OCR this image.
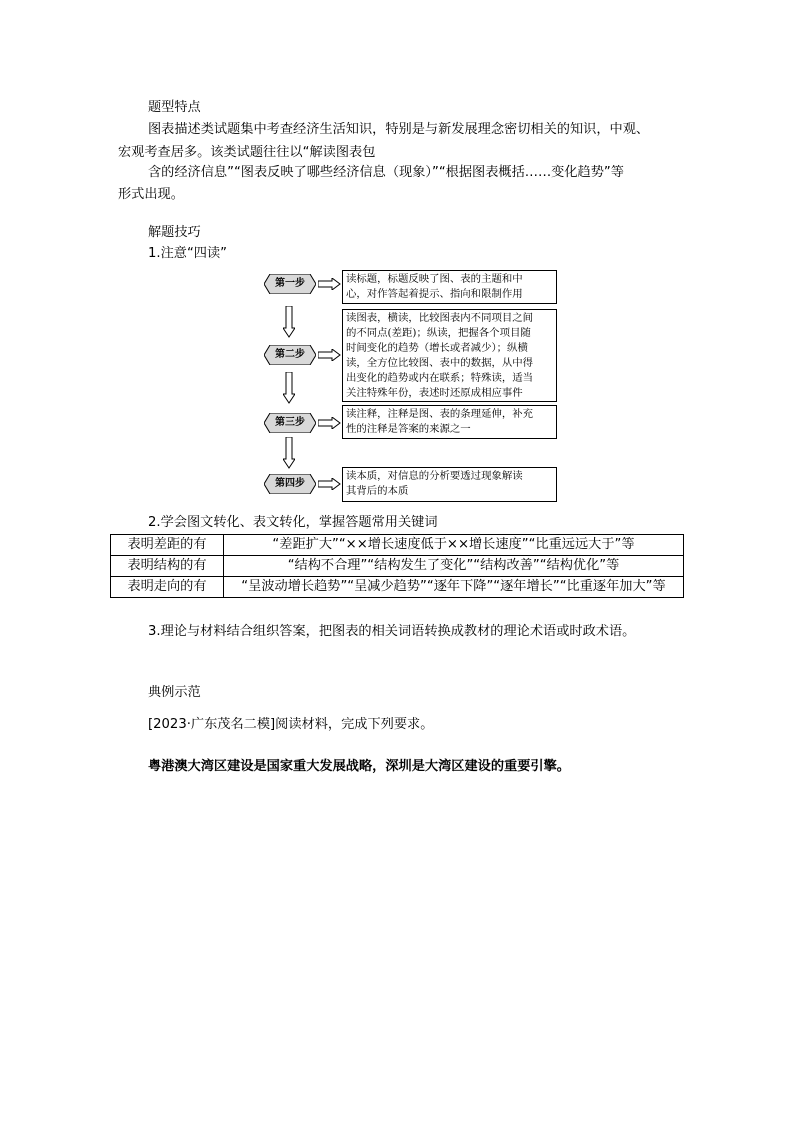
题型特点
图表描述类试题集中考查经济生活知识，特别是与新发展理念密切相关的知识，中观、
宏观考查居多。该类试题往往以“解读图表包
含的经济信息”“图表反映了哪些经济信息（现象）”“根据图表概括……变化趋势”等
形式出现。
解题技巧
1.注意“四读”
第一步	读标题，标题反映了图、表的主题和中
心，对作答起着提示、指向和限制作用
第二步
读图表，横读，比较图表内不同项目之间
的不同点(差距)；纵读，把握各个项目随
时间变化的趋势（增长或者减少）；纵横
读，全方位比较图、表中的数据，从中得
出变化的趋势或内在联系；特殊读，适当
关注特殊年份，表述时还原成相应事件
第三步
读注释，注释是图、表的条理延伸，补充
性的注释是答案的来源之一
第四步
读本质，对信息的分析要透过现象解读
其背后的本质
2.学会图文转化、表文转化，掌握答题常用关键词
表明差距的有	“差距扩大”“××增长速度低于××增长速度”“比重远远大于”等
表明结构的有	“结构不合理”“结构发生了变化”“结构改善”“结构优化”等
表明走向的有	“呈波动增长趋势”“呈减少趋势”“逐年下降”“逐年增长”“比重逐年加大”等
3.理论与材料结合组织答案，把图表的相关词语转换成教材的理论术语或时政术语。
典例示范
[2023·广东茂名二模]阅读材料，完成下列要求。
粤港澳大湾区建设是国家重大发展战略，深圳是大湾区建设的重要引擎。
